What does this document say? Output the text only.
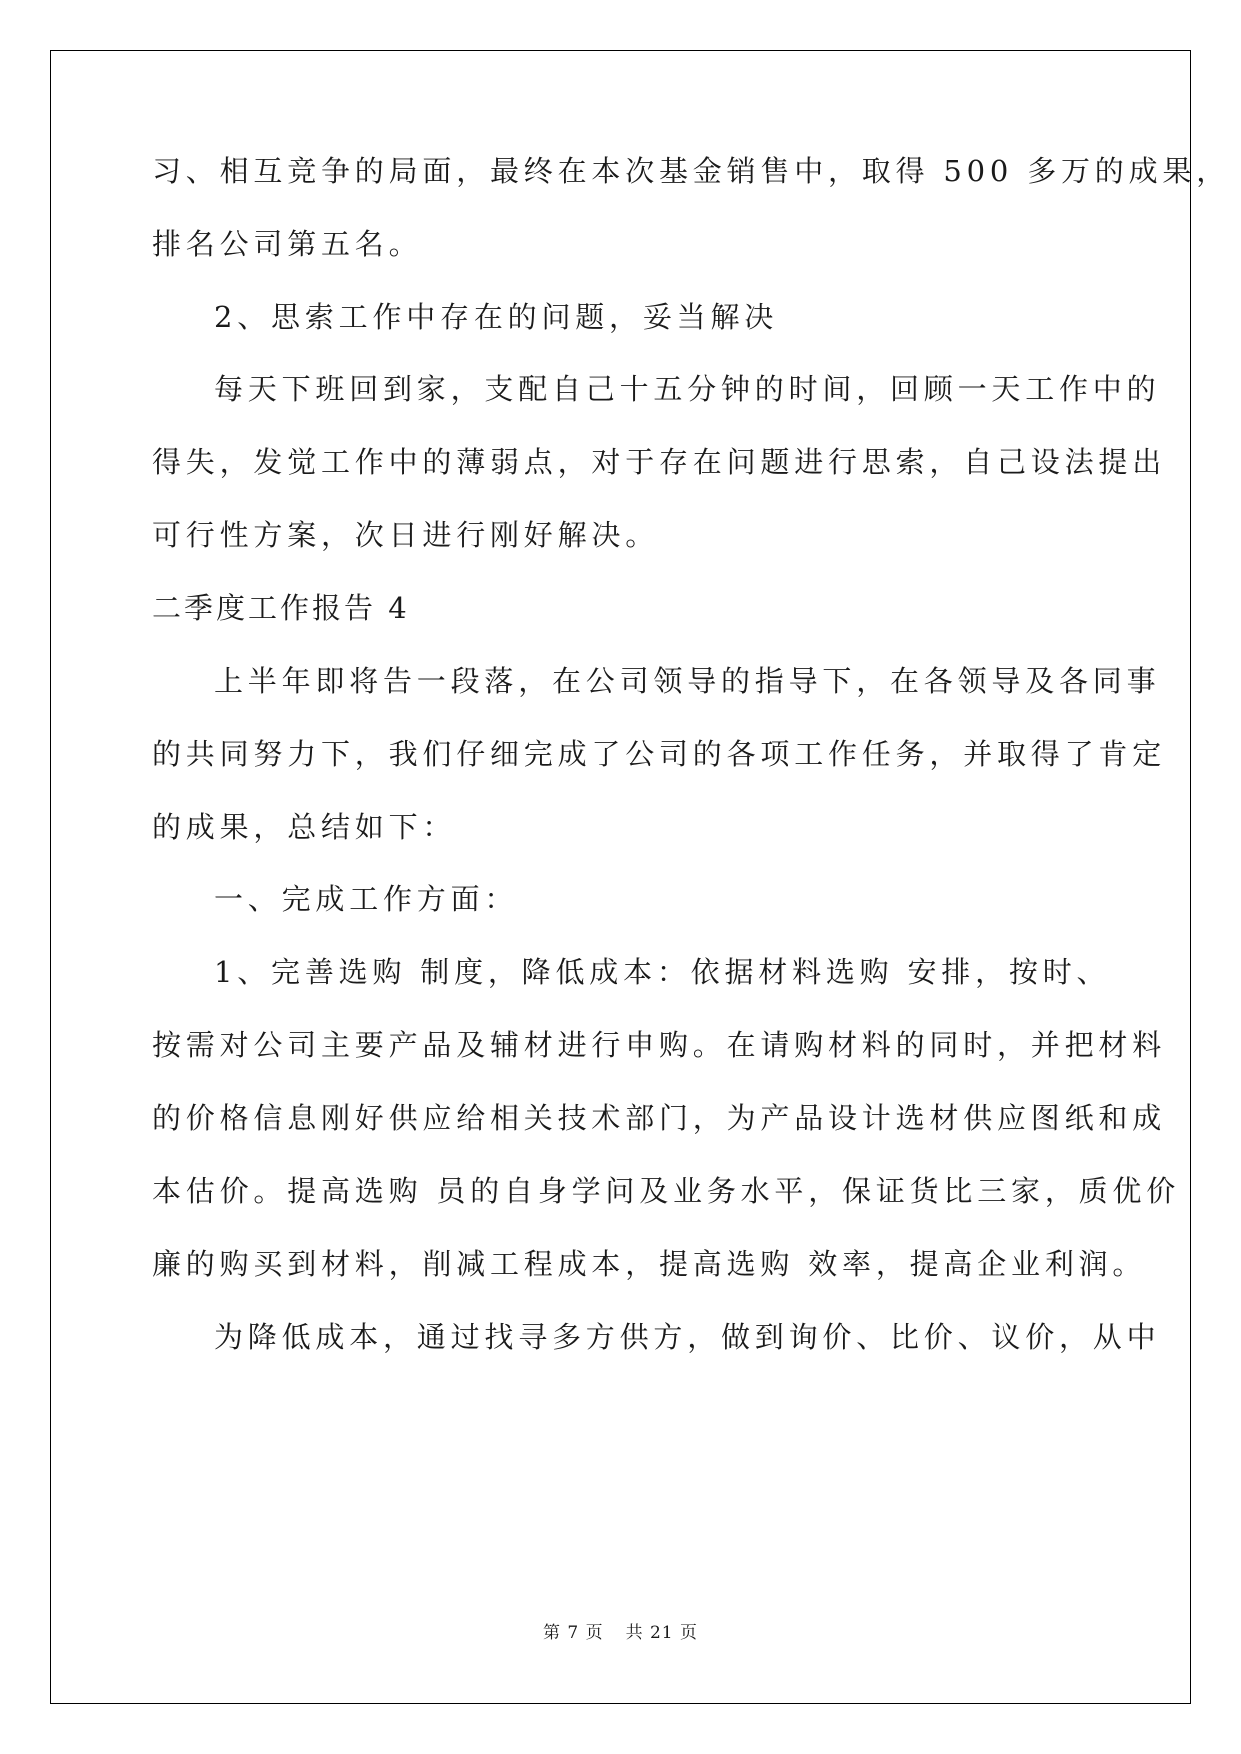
习、相互竞争的局面，最终在本次基金销售中，取得 500 多万的成果，
排名公司第五名。
2、思索工作中存在的问题，妥当解决
每天下班回到家，支配自己十五分钟的时间，回顾一天工作中的
得失，发觉工作中的薄弱点，对于存在问题进行思索，自己设法提出
可行性方案，次日进行刚好解决。
二季度工作报告 4
上半年即将告一段落，在公司领导的指导下，在各领导及各同事
的共同努力下，我们仔细完成了公司的各项工作任务，并取得了肯定
的成果，总结如下：
一、完成工作方面：
1、完善选购 制度，降低成本：依据材料选购 安排，按时、
按需对公司主要产品及辅材进行申购。在请购材料的同时，并把材料
的价格信息刚好供应给相关技术部门，为产品设计选材供应图纸和成
本估价。提高选购 员的自身学问及业务水平，保证货比三家，质优价
廉的购买到材料，削减工程成本，提高选购 效率，提高企业利润。
为降低成本，通过找寻多方供方，做到询价、比价、议价，从中
第 7 页 共 21 页
